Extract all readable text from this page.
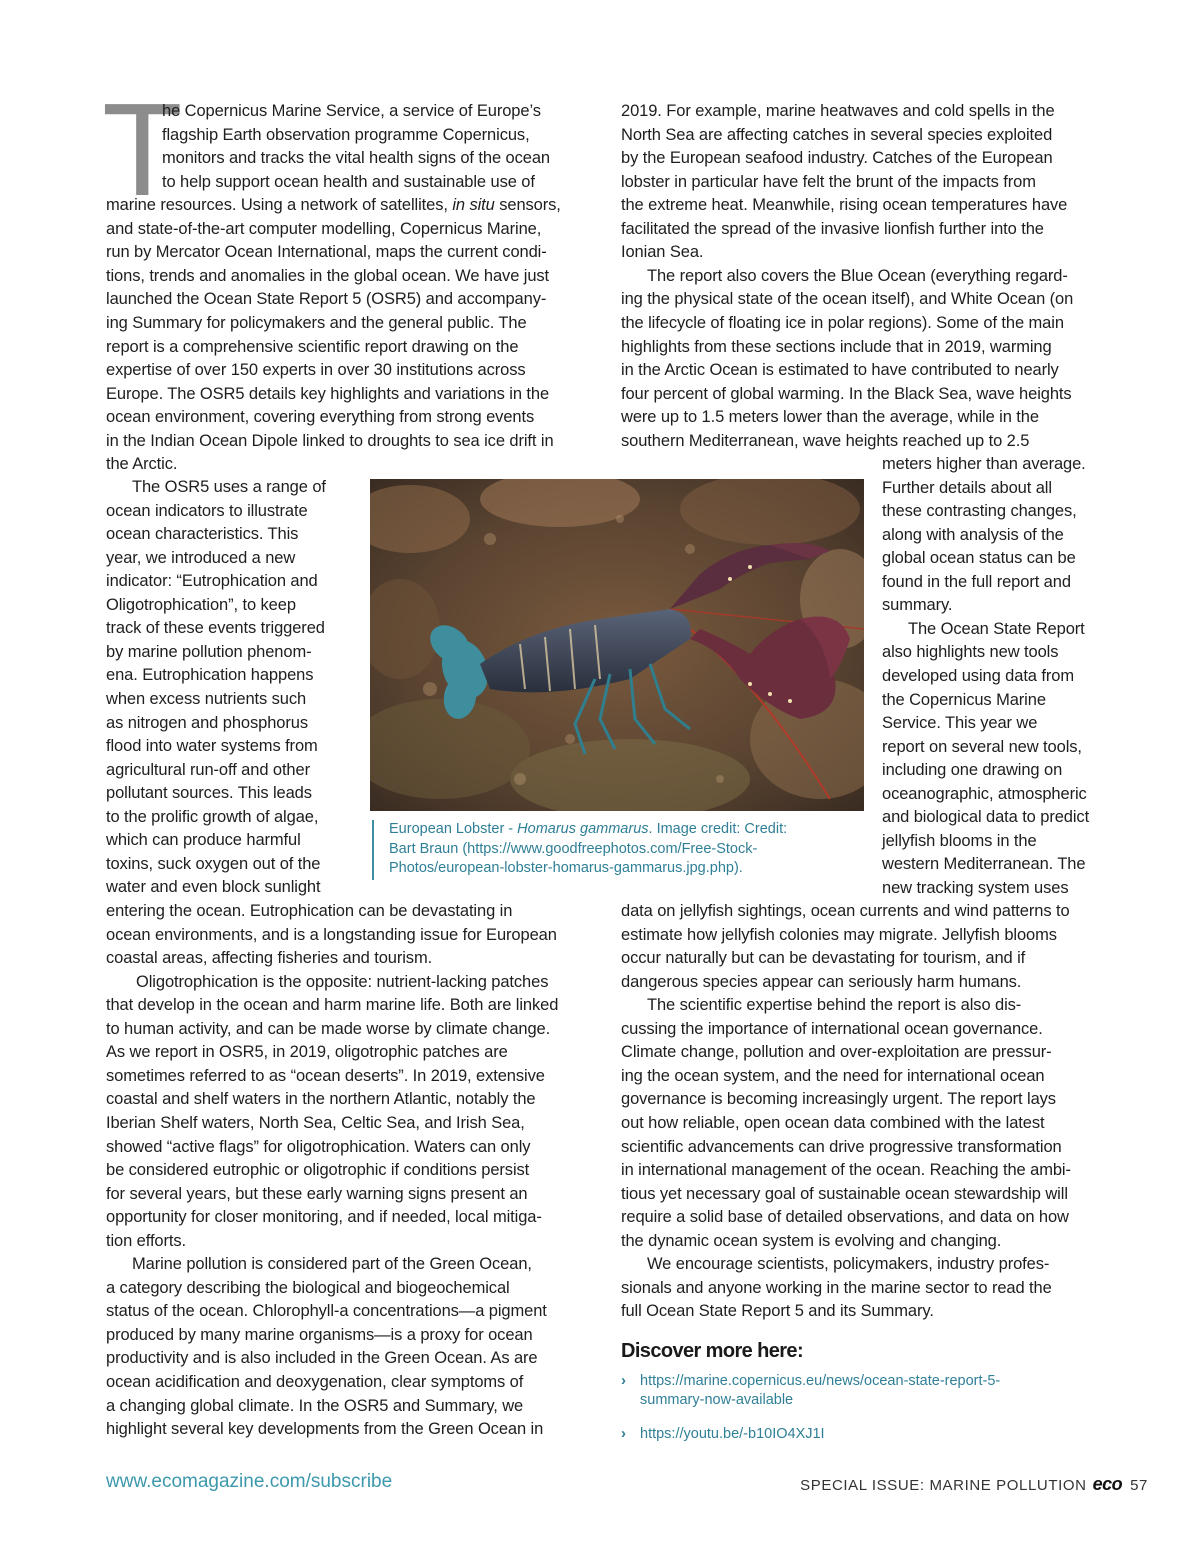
T
he Copernicus Marine Service, a service of Europe’s
flagship Earth observation programme Copernicus,
monitors and tracks the vital health signs of the ocean
to help support ocean health and sustainable use of
marine resources. Using a network of satellites, in situ sensors,
and state-of-the-art computer modelling, Copernicus Marine,
run by Mercator Ocean International, maps the current condi-
tions, trends and anomalies in the global ocean. We have just
launched the Ocean State Report 5 (OSR5) and accompany-
ing Summary for policymakers and the general public. The
report is a comprehensive scientific report drawing on the
expertise of over 150 experts in over 30 institutions across
Europe. The OSR5 details key highlights and variations in the
ocean environment, covering everything from strong events
in the Indian Ocean Dipole linked to droughts to sea ice drift in
the Arctic.
The OSR5 uses a range of
ocean indicators to illustrate
ocean characteristics. This
year, we introduced a new
indicator: “Eutrophication and
Oligotrophication”, to keep
track of these events triggered
by marine pollution phenom-
ena. Eutrophication happens
when excess nutrients such
as nitrogen and phosphorus
flood into water systems from
agricultural run-off and other
pollutant sources. This leads
to the prolific growth of algae,
which can produce harmful
toxins, suck oxygen out of the
water and even block sunlight
entering the ocean. Eutrophication can be devastating in
ocean environments, and is a longstanding issue for European
coastal areas, affecting fisheries and tourism.
Oligotrophication is the opposite: nutrient-lacking patches
that develop in the ocean and harm marine life. Both are linked
to human activity, and can be made worse by climate change.
As we report in OSR5, in 2019, oligotrophic patches are
sometimes referred to as “ocean deserts”. In 2019, extensive
coastal and shelf waters in the northern Atlantic, notably the
Iberian Shelf waters, North Sea, Celtic Sea, and Irish Sea,
showed “active flags” for oligotrophication. Waters can only
be considered eutrophic or oligotrophic if conditions persist
for several years, but these early warning signs present an
opportunity for closer monitoring, and if needed, local mitiga-
tion efforts.
Marine pollution is considered part of the Green Ocean,
a category describing the biological and biogeochemical
status of the ocean. Chlorophyll-a concentrations—a pigment
produced by many marine organisms—is a proxy for ocean
productivity and is also included in the Green Ocean. As are
ocean acidification and deoxygenation, clear symptoms of
a changing global climate. In the OSR5 and Summary, we
highlight several key developments from the Green Ocean in
2019. For example, marine heatwaves and cold spells in the
North Sea are affecting catches in several species exploited
by the European seafood industry. Catches of the European
lobster in particular have felt the brunt of the impacts from
the extreme heat. Meanwhile, rising ocean temperatures have
facilitated the spread of the invasive lionfish further into the
Ionian Sea.
The report also covers the Blue Ocean (everything regard-
ing the physical state of the ocean itself), and White Ocean (on
the lifecycle of floating ice in polar regions). Some of the main
highlights from these sections include that in 2019, warming
in the Arctic Ocean is estimated to have contributed to nearly
four percent of global warming. In the Black Sea, wave heights
were up to 1.5 meters lower than the average, while in the
southern Mediterranean, wave heights reached up to 2.5
meters higher than average.
Further details about all
these contrasting changes,
along with analysis of the
global ocean status can be
found in the full report and
summary.
The Ocean State Report
also highlights new tools
developed using data from
the Copernicus Marine
Service. This year we
report on several new tools,
including one drawing on
oceanographic, atmospheric
and biological data to predict
jellyfish blooms in the
western Mediterranean. The
new tracking system uses
data on jellyfish sightings, ocean currents and wind patterns to
estimate how jellyfish colonies may migrate. Jellyfish blooms
occur naturally but can be devastating for tourism, and if
dangerous species appear can seriously harm humans.
The scientific expertise behind the report is also dis-
cussing the importance of international ocean governance.
Climate change, pollution and over-exploitation are pressur-
ing the ocean system, and the need for international ocean
governance is becoming increasingly urgent. The report lays
out how reliable, open ocean data combined with the latest
scientific advancements can drive progressive transformation
in international management of the ocean. Reaching the ambi-
tious yet necessary goal of sustainable ocean stewardship will
require a solid base of detailed observations, and data on how
the dynamic ocean system is evolving and changing.
We encourage scientists, policymakers, industry profes-
sionals and anyone working in the marine sector to read the
full Ocean State Report 5 and its Summary.
European Lobster - Homarus gammarus. Image credit: Credit:
Bart Braun (https://www.goodfreephotos.com/Free-Stock-
Photos/european-lobster-homarus-gammarus.jpg.php).
Discover more here:
› https://marine.copernicus.eu/news/ocean-state-report-5-
summary-now-available
› https://youtu.be/-b10IO4XJ1I
www.ecomagazine.com/subscribe	SPECIAL ISSUE: MARINE POLLUTION eco 57
